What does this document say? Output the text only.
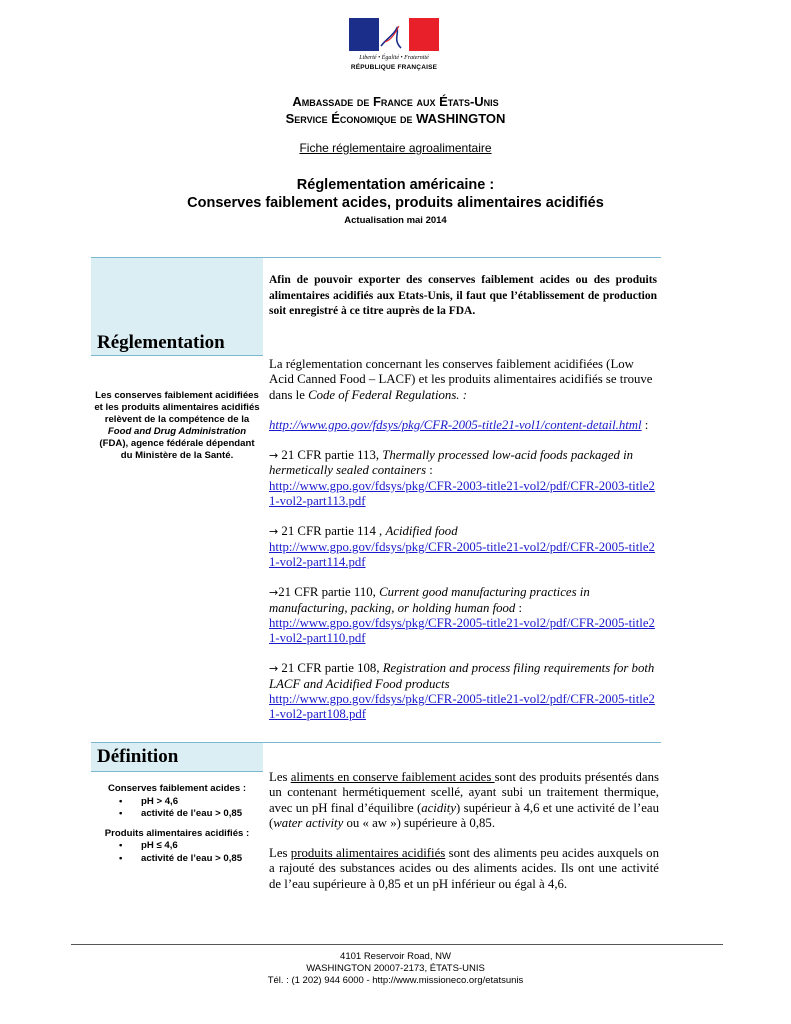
Liberté • Égalité • Fraternité
RÉPUBLIQUE FRANÇAISE
Ambassade de France aux États-Unis
Service Économique de WASHINGTON
Fiche réglementaire agroalimentaire
Réglementation américaine :
Conserves faiblement acides, produits alimentaires acidifiés
Actualisation mai 2014
Réglementation
Afin de pouvoir exporter des conserves faiblement acides ou des produits alimentaires acidifiés aux Etats-Unis, il faut que l’établissement de production soit enregistré à ce titre auprès de la FDA.
Les conserves faiblement acidifiées et les produits alimentaires acidifiés relèvent de la compétence de la Food and Drug Administration (FDA), agence fédérale dépendant du Ministère de la Santé.
La réglementation concernant les conserves faiblement acidifiées (Low Acid Canned Food – LACF) et les produits alimentaires acidifiés se trouve dans le Code of Federal Regulations. :
http://www.gpo.gov/fdsys/pkg/CFR-2005-title21-vol1/content-detail.html :
→ 21 CFR partie 113, Thermally processed low-acid foods packaged in hermetically sealed containers :
http://www.gpo.gov/fdsys/pkg/CFR-2003-title21-vol2/pdf/CFR-2003-title21-vol2-part113.pdf
→ 21 CFR partie 114 , Acidified food
http://www.gpo.gov/fdsys/pkg/CFR-2005-title21-vol2/pdf/CFR-2005-title21-vol2-part114.pdf
→21 CFR partie 110, Current good manufacturing practices in manufacturing, packing, or holding human food :
http://www.gpo.gov/fdsys/pkg/CFR-2005-title21-vol2/pdf/CFR-2005-title21-vol2-part110.pdf
→ 21 CFR partie 108, Registration and process filing requirements for both LACF and Acidified Food products
http://www.gpo.gov/fdsys/pkg/CFR-2005-title21-vol2/pdf/CFR-2005-title21-vol2-part108.pdf
Définition
Conserves faiblement acides :
• pH > 4,6
• activité de l’eau > 0,85
Produits alimentaires acidifiés :
• pH ≤ 4,6
• activité de l’eau > 0,85
Les aliments en conserve faiblement acides sont des produits présentés dans un contenant hermétiquement scellé, ayant subi un traitement thermique, avec un pH final d’équilibre (acidity) supérieur à 4,6 et une activité de l’eau (water activity ou « aw ») supérieure à 0,85.
Les produits alimentaires acidifiés sont des aliments peu acides auxquels on a rajouté des substances acides ou des aliments acides. Ils ont une activité de l’eau supérieure à 0,85 et un pH inférieur ou égal à 4,6.
4101 Reservoir Road, NW
WASHINGTON 20007-2173, ÉTATS-UNIS
Tél. : (1 202) 944 6000 - http://www.missioneco.org/etatsunis
